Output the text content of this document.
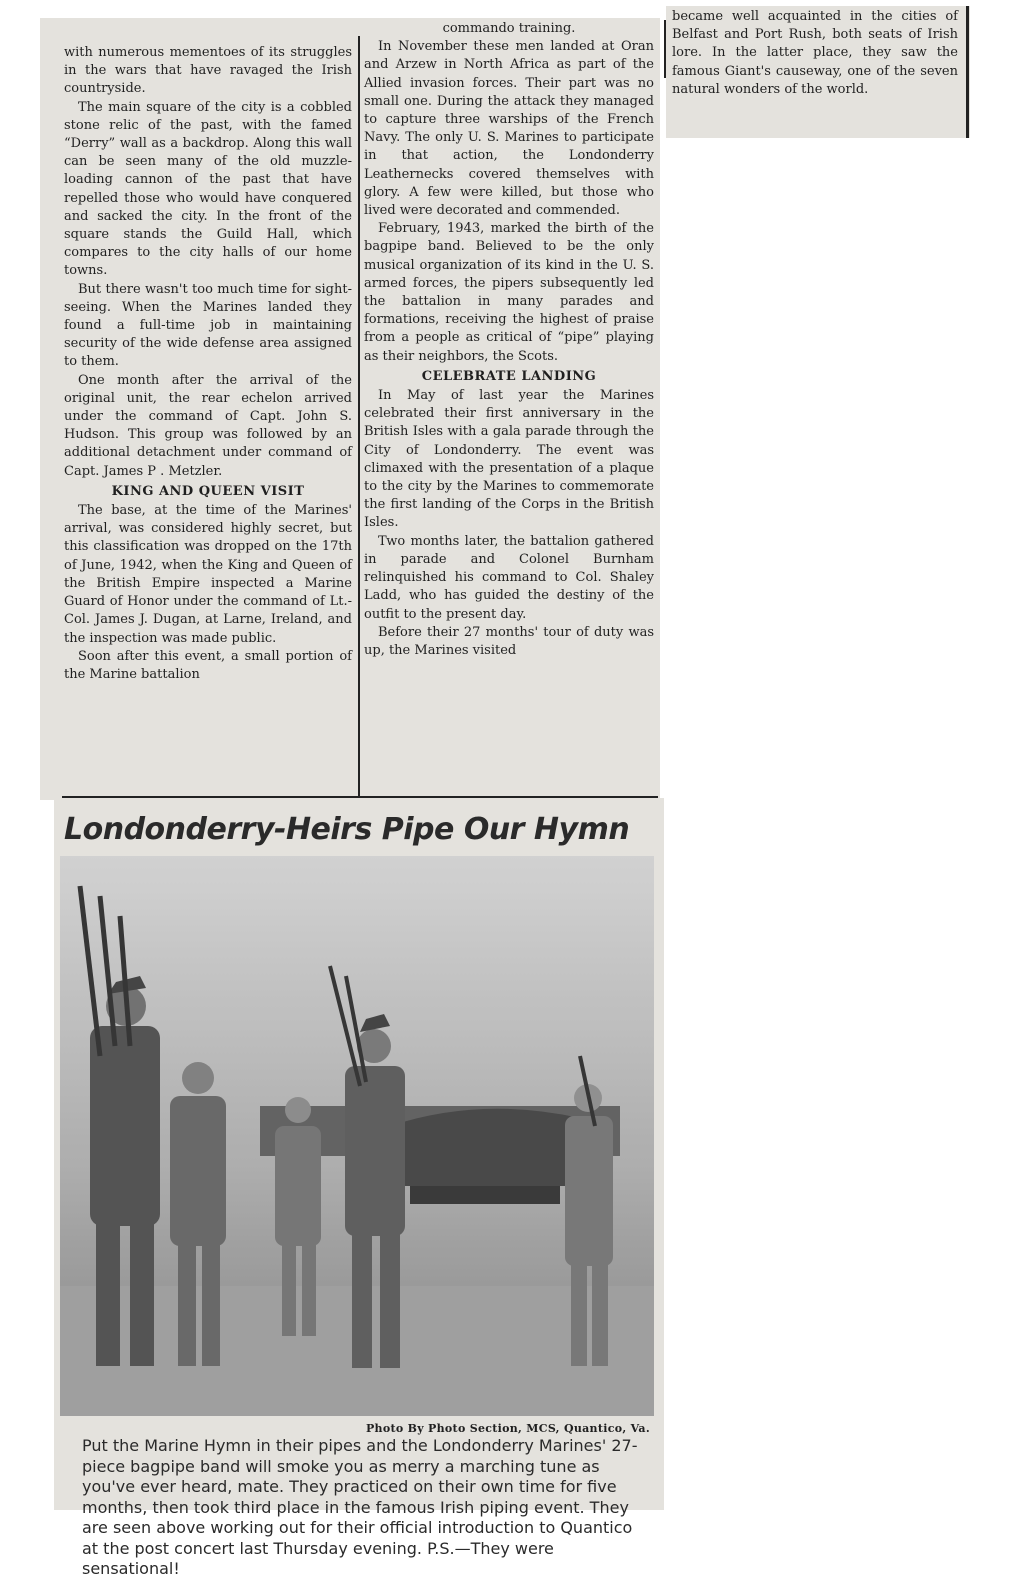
with numerous mementoes of its struggles in the wars that have ravaged the Irish countryside.

The main square of the city is a cobbled stone relic of the past, with the famed “Derry” wall as a backdrop. Along this wall can be seen many of the old muzzle-loading cannon of the past that have repelled those who would have conquered and sacked the city. In the front of the square stands the Guild Hall, which compares to the city halls of our home towns.

But there wasn't too much time for sight-seeing. When the Marines landed they found a full-time job in maintaining security of the wide defense area assigned to them.

One month after the arrival of the original unit, the rear echelon arrived under the command of Capt. John S. Hudson. This group was followed by an additional detachment under command of Capt. James P . Metzler.

KING AND QUEEN VISIT

The base, at the time of the Marines' arrival, was considered highly secret, but this classification was dropped on the 17th of June, 1942, when the King and Queen of the British Empire inspected a Marine Guard of Honor under the command of Lt.-Col. James J. Dugan, at Larne, Ireland, and the inspection was made public.

Soon after this event, a small portion of the Marine battalion

commando training.

In November these men landed at Oran and Arzew in North Africa as part of the Allied invasion forces. Their part was no small one. During the attack they managed to capture three warships of the French Navy. The only U. S. Marines to participate in that action, the Londonderry Leathernecks covered themselves with glory. A few were killed, but those who lived were decorated and commended.

February, 1943, marked the birth of the bagpipe band. Believed to be the only musical organization of its kind in the U. S. armed forces, the pipers subsequently led the battalion in many parades and formations, receiving the highest of praise from a people as critical of “pipe” playing as their neighbors, the Scots.

CELEBRATE LANDING

In May of last year the Marines celebrated their first anniversary in the British Isles with a gala parade through the City of Londonderry. The event was climaxed with the presentation of a plaque to the city by the Marines to commemorate the first landing of the Corps in the British Isles.

Two months later, the battalion gathered in parade and Colonel Burnham relinquished his command to Col. Shaley Ladd, who has guided the destiny of the outfit to the present day.

Before their 27 months' tour of duty was up, the Marines visited

became well acquainted in the cities of Belfast and Port Rush, both seats of Irish lore. In the latter place, they saw the famous Giant's causeway, one of the seven natural wonders of the world.

Londonderry-Heirs Pipe Our Hymn
Photo By Photo Section, MCS, Quantico, Va.
Put the Marine Hymn in their pipes and the Londonderry Marines' 27-piece bagpipe band will smoke you as merry a marching tune as you've ever heard, mate. They practiced on their own time for five months, then took third place in the famous Irish piping event. They are seen above working out for their official introduction to Quantico at the post concert last Thursday evening. P.S.—They were sensational!
